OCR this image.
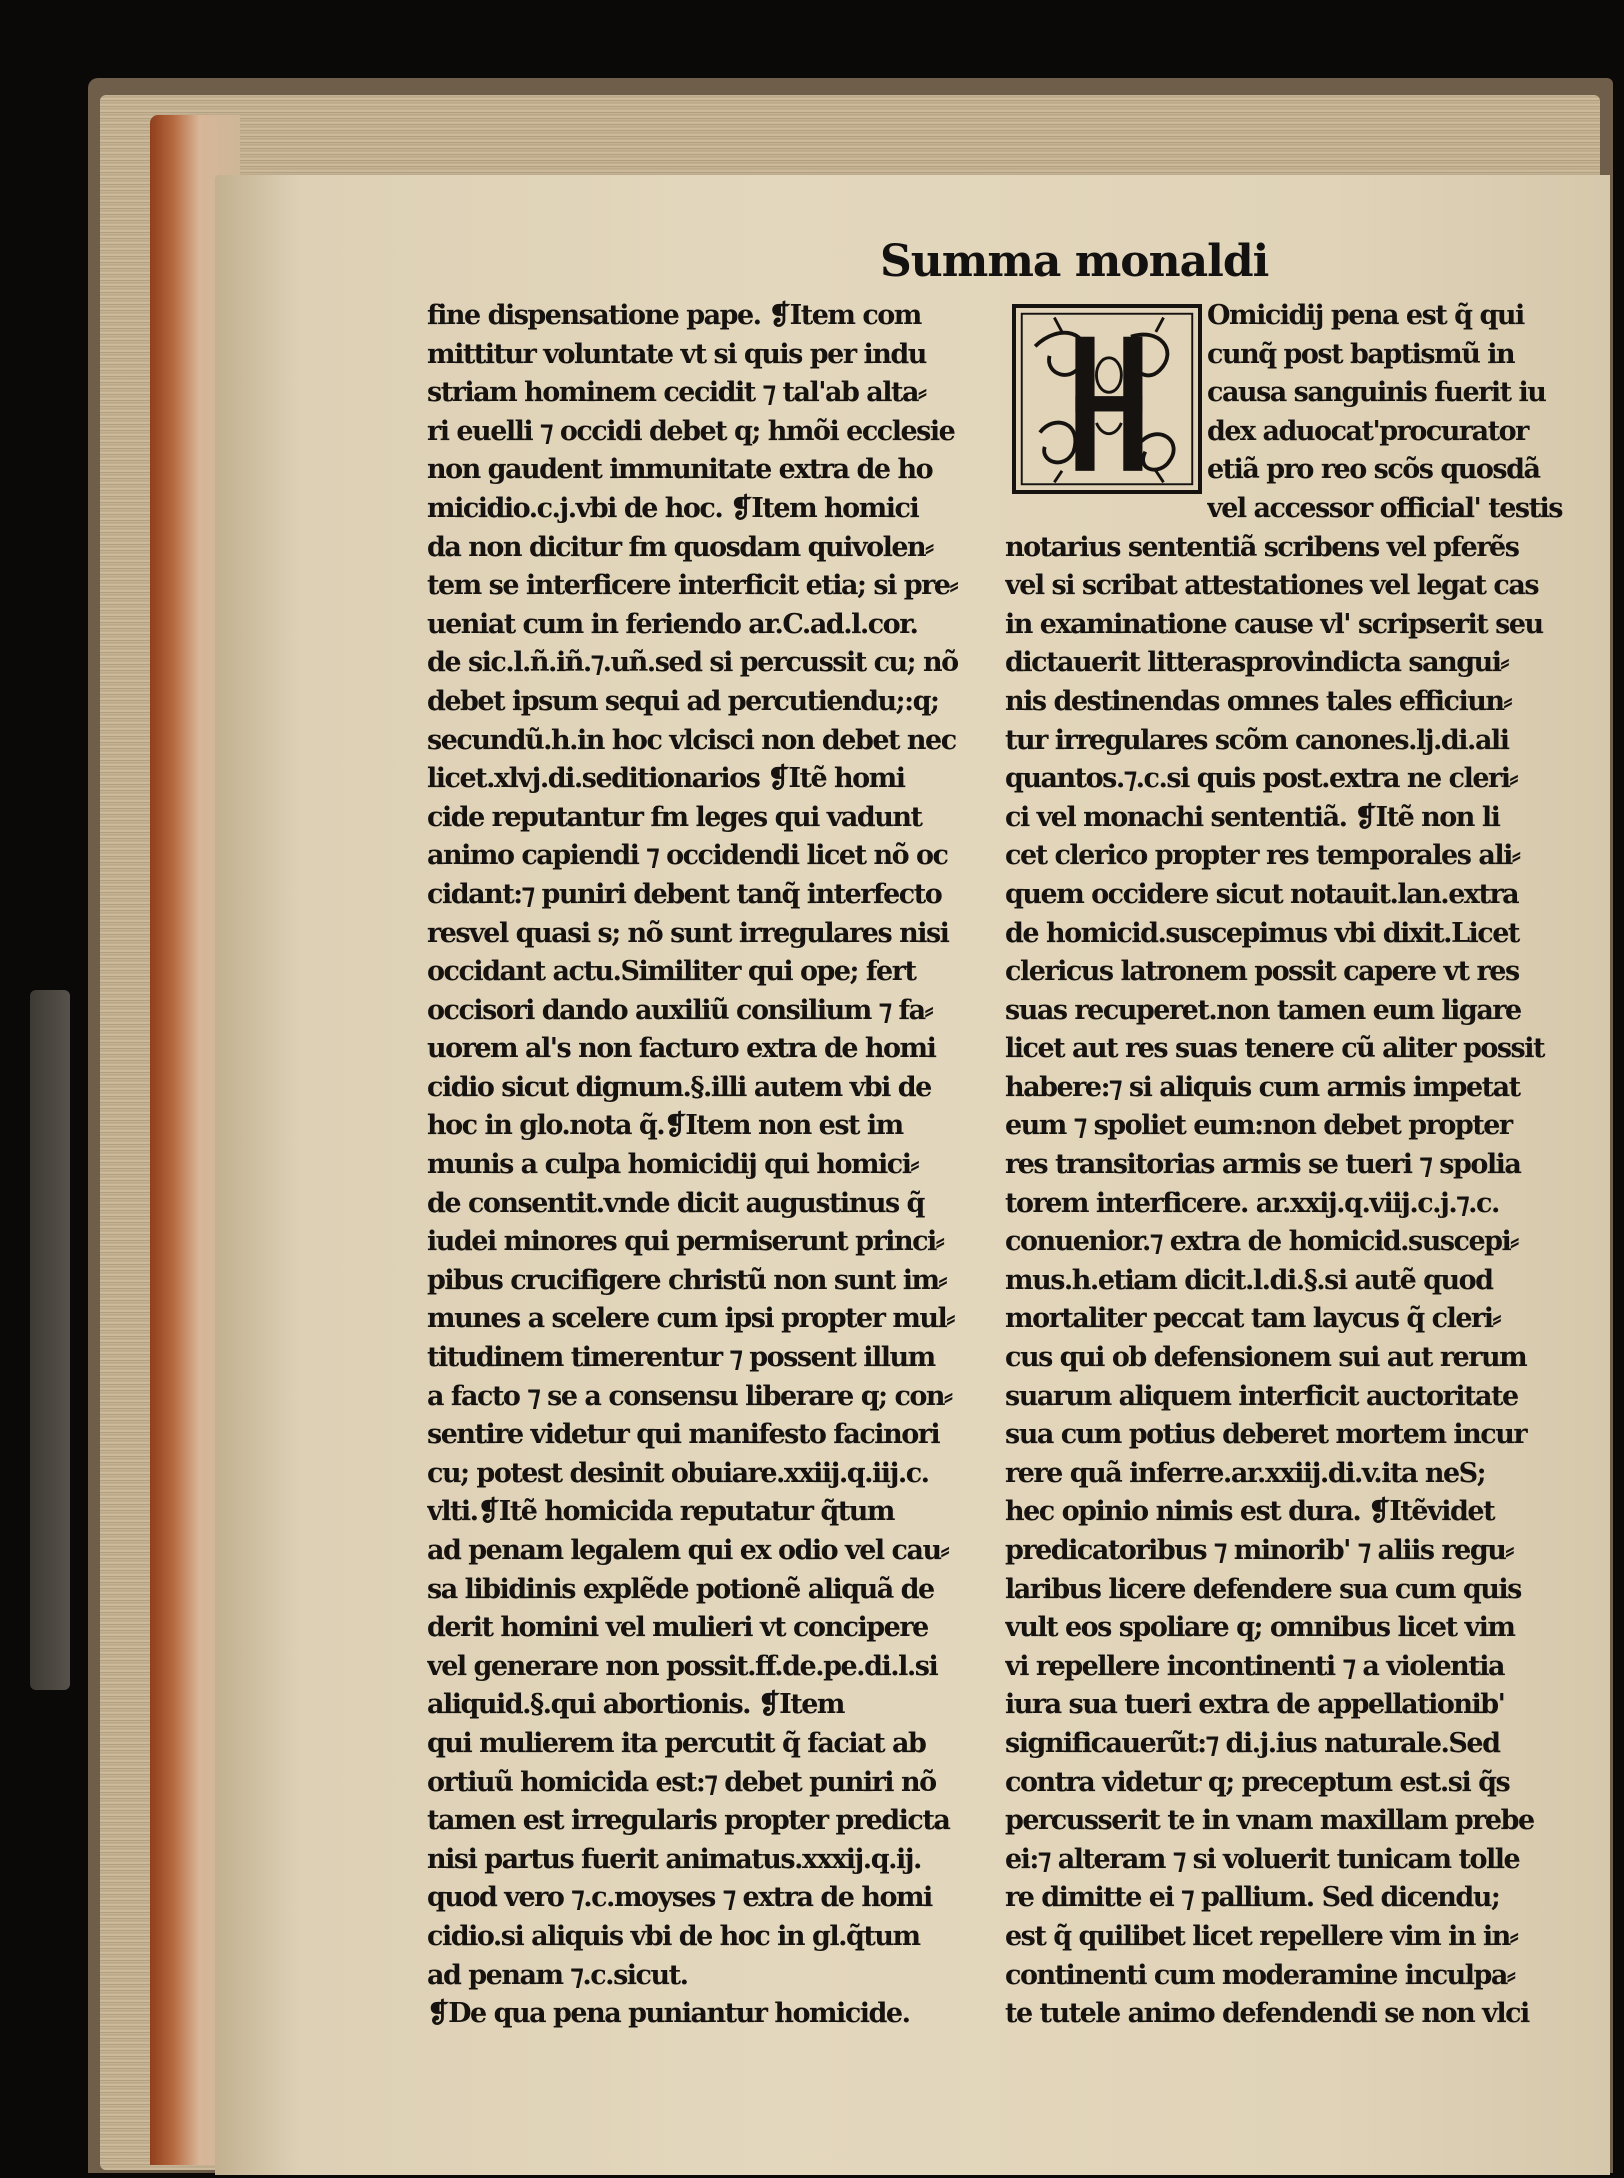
Summa monaldi
fine dispensatione pape. ❡Item com
mittitur voluntate vt si quis per indu
striam hominem cecidit ⁊ tal'ab alta⸗
ri euelli ⁊ occidi debet q; hmõi ecclesie
non gaudent immunitate extra de ho
micidio.c.j.vbi de hoc. ❡Item homici
da non dicitur fm quosdam quivolen⸗
tem se interficere interficit etia; si pre⸗
ueniat cum in feriendo ar.C.ad.l.cor.
de sic.l.ñ.iñ.⁊.uñ.sed si percussit cu; nõ
debet ipsum sequi ad percutiendu;:q;
secundũ.h.in hoc vlcisci non debet nec
licet.xlvj.di.seditionarios ❡Itẽ homi
cide reputantur fm leges qui vadunt
animo capiendi ⁊ occidendi licet nõ oc
cidant:⁊ puniri debent tanq̃ interfecto
resvel quasi s; nõ sunt irregulares nisi
occidant actu.Similiter qui ope; fert
occisori dando auxiliũ consilium ⁊ fa⸗
uorem al's non facturo extra de homi
cidio sicut dignum.§.illi autem vbi de
hoc in glo.nota q̃.❡Item non est im
munis a culpa homicidij qui homici⸗
de consentit.vnde dicit augustinus q̃
iudei minores qui permiserunt princi⸗
pibus crucifigere christũ non sunt im⸗
munes a scelere cum ipsi propter mul⸗
titudinem timerentur ⁊ possent illum
a facto ⁊ se a consensu liberare q; con⸗
sentire videtur qui manifesto facinori
cu; potest desinit obuiare.xxiij.q.iij.c.
vlti.❡Itẽ homicida reputatur q̃tum
ad penam legalem qui ex odio vel cau⸗
sa libidinis explẽde potionẽ aliquã de
derit homini vel mulieri vt concipere
vel generare non possit.ff.de.pe.di.l.si
aliquid.§.qui abortionis. ❡Item
qui mulierem ita percutit q̃ faciat ab
ortiuũ homicida est:⁊ debet puniri nõ
tamen est irregularis propter predicta
nisi partus fuerit animatus.xxxij.q.ij.
quod vero ⁊.c.moyses ⁊ extra de homi
cidio.si aliquis vbi de hoc in gl.q̃tum
ad penam ⁊.c.sicut.
❡De qua pena puniantur homicide.
Omicidij pena est q̃ qui
cunq̃ post baptismũ in
causa sanguinis fuerit iu
dex aduocat'procurator
etiã pro reo scõs quosdã
vel accessor official' testis
notarius sententiã scribens vel pferẽs
vel si scribat attestationes vel legat cas
in examinatione cause vl' scripserit seu
dictauerit litterasprovindicta sangui⸗
nis destinendas omnes tales efficiun⸗
tur irregulares scõm canones.lj.di.ali
quantos.⁊.c.si quis post.extra ne cleri⸗
ci vel monachi sententiã. ❡Itẽ non li
cet clerico propter res temporales ali⸗
quem occidere sicut notauit.lan.extra
de homicid.suscepimus vbi dixit.Licet
clericus latronem possit capere vt res
suas recuperet.non tamen eum ligare
licet aut res suas tenere cũ aliter possit
habere:⁊ si aliquis cum armis impetat
eum ⁊ spoliet eum:non debet propter
res transitorias armis se tueri ⁊ spolia
torem interficere. ar.xxij.q.viij.c.j.⁊.c.
conuenior.⁊ extra de homicid.suscepi⸗
mus.h.etiam dicit.l.di.§.si autẽ quod
mortaliter peccat tam laycus q̃ cleri⸗
cus qui ob defensionem sui aut rerum
suarum aliquem interficit auctoritate
sua cum potius deberet mortem incur
rere quã inferre.ar.xxiij.di.v.ita neS;
hec opinio nimis est dura. ❡Itẽvidet
predicatoribus ⁊ minorib' ⁊ aliis regu⸗
laribus licere defendere sua cum quis
vult eos spoliare q; omnibus licet vim
vi repellere incontinenti ⁊ a violentia
iura sua tueri extra de appellationib'
significauerũt:⁊ di.j.ius naturale.Sed
contra videtur q; preceptum est.si q̃s
percusserit te in vnam maxillam prebe
ei:⁊ alteram ⁊ si voluerit tunicam tolle
re dimitte ei ⁊ pallium. Sed dicendu;
est q̃ quilibet licet repellere vim in in⸗
continenti cum moderamine inculpa⸗
te tutele animo defendendi se non vlci
